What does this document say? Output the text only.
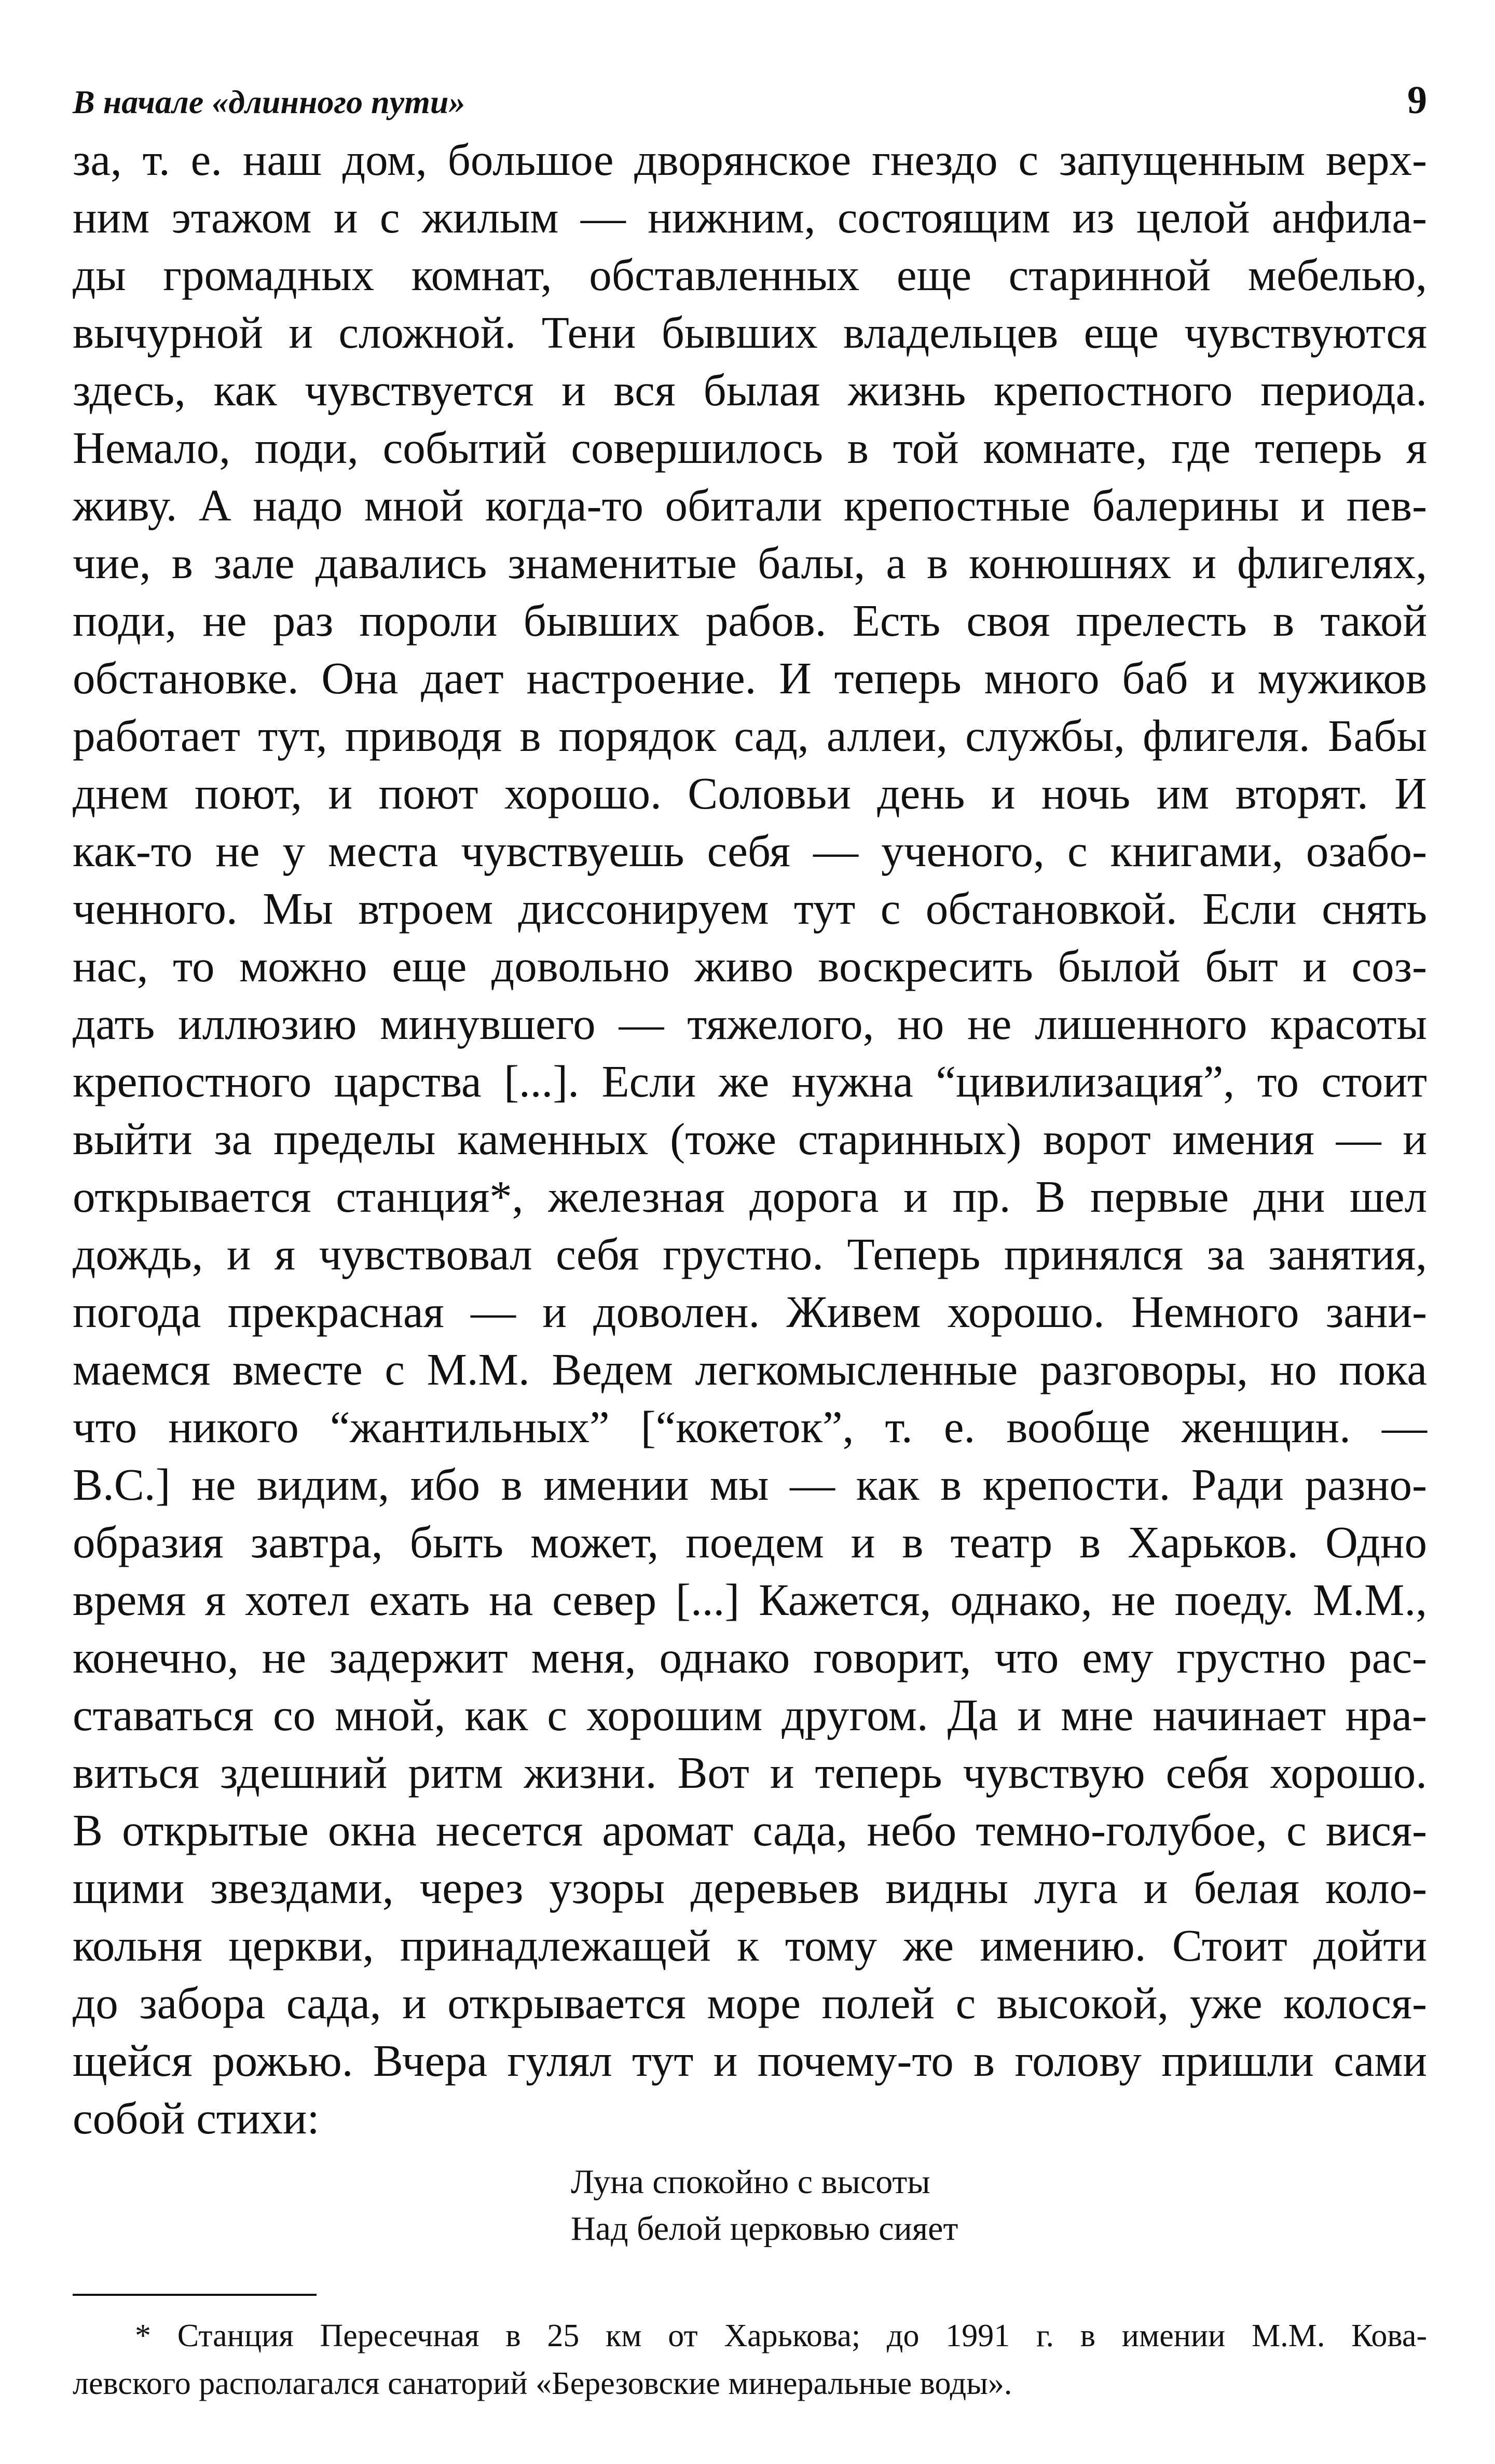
В начале «длинного пути»	9
за, т. е. наш дом, большое дворянское гнездо с запущенным верх-
ним этажом и с жилым — нижним, состоящим из целой анфила-
ды громадных комнат, обставленных еще старинной мебелью,
вычурной и сложной. Тени бывших владельцев еще чувствуются
здесь, как чувствуется и вся былая жизнь крепостного периода.
Немало, поди, событий совершилось в той комнате, где теперь я
живу. А надо мной когда-то обитали крепостные балерины и пев-
чие, в зале давались знаменитые балы, а в конюшнях и флигелях,
поди, не раз пороли бывших рабов. Есть своя прелесть в такой
обстановке. Она дает настроение. И теперь много баб и мужиков
работает тут, приводя в порядок сад, аллеи, службы, флигеля. Бабы
днем поют, и поют хорошо. Соловьи день и ночь им вторят. И
как-то не у места чувствуешь себя — ученого, с книгами, озабо-
ченного. Мы втроем диссонируем тут с обстановкой. Если снять
нас, то можно еще довольно живо воскресить былой быт и соз-
дать иллюзию минувшего — тяжелого, но не лишенного красоты
крепостного царства [...]. Если же нужна “цивилизация”, то стоит
выйти за пределы каменных (тоже старинных) ворот имения — и
открывается станция*, железная дорога и пр. В первые дни шел
дождь, и я чувствовал себя грустно. Теперь принялся за занятия,
погода прекрасная — и доволен. Живем хорошо. Немного зани-
маемся вместе с М.М. Ведем легкомысленные разговоры, но пока
что никого “жантильных” [“кокеток”, т. е. вообще женщин. —
В.С.] не видим, ибо в имении мы — как в крепости. Ради разно-
образия завтра, быть может, поедем и в театр в Харьков. Одно
время я хотел ехать на север [...] Кажется, однако, не поеду. М.М.,
конечно, не задержит меня, однако говорит, что ему грустно рас-
ставаться со мной, как с хорошим другом. Да и мне начинает нра-
виться здешний ритм жизни. Вот и теперь чувствую себя хорошо.
В открытые окна несется аромат сада, небо темно-голубое, с вися-
щими звездами, через узоры деревьев видны луга и белая коло-
кольня церкви, принадлежащей к тому же имению. Стоит дойти
до забора сада, и открывается море полей с высокой, уже колося-
щейся рожью. Вчера гулял тут и почему-то в голову пришли сами
собой стихи:
Луна спокойно с высоты
Над белой церковью сияет
* Станция Пересечная в 25 км от Харькова; до 1991 г. в имении М.М. Кова-
левского располагался санаторий «Березовские минеральные воды».
